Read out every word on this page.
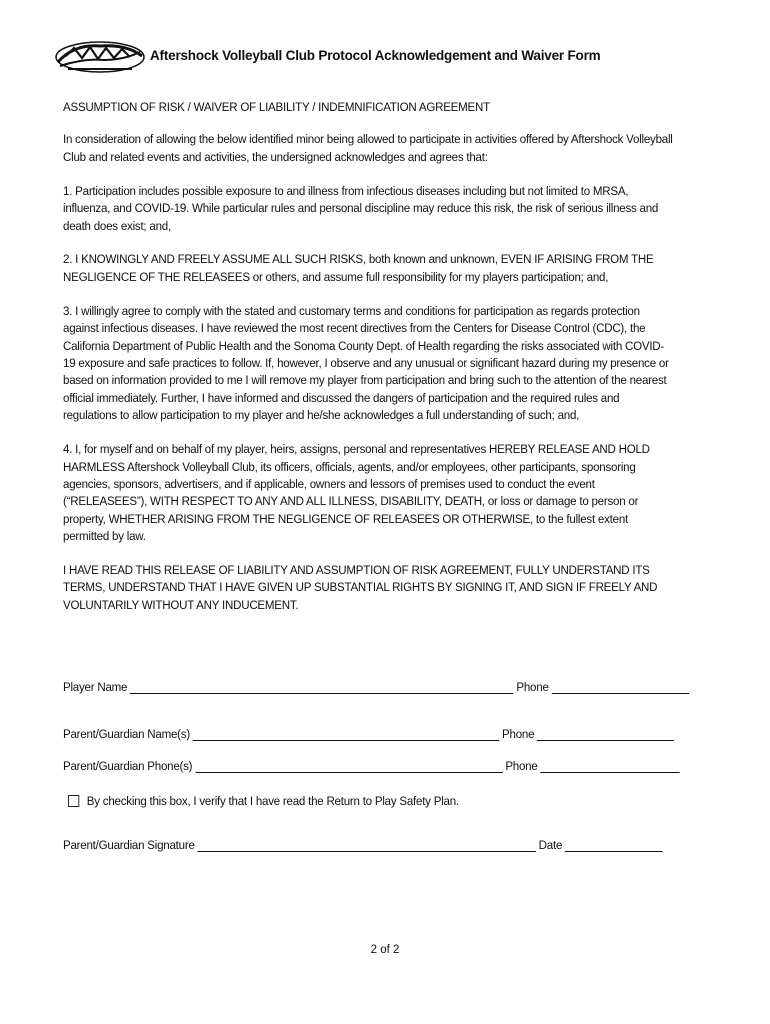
Aftershock Volleyball Club Protocol Acknowledgement and Waiver Form

ASSUMPTION OF RISK / WAIVER OF LIABILITY / INDEMNIFICATION AGREEMENT

In consideration of allowing the below identified minor being allowed to participate in activities offered by Aftershock Volleyball Club and related events and activities, the undersigned acknowledges and agrees that:

1. Participation includes possible exposure to and illness from infectious diseases including but not limited to MRSA, influenza, and COVID-19. While particular rules and personal discipline may reduce this risk, the risk of serious illness and death does exist; and,

2. I KNOWINGLY AND FREELY ASSUME ALL SUCH RISKS, both known and unknown, EVEN IF ARISING FROM THE NEGLIGENCE OF THE RELEASEES or others, and assume full responsibility for my players participation; and,

3. I willingly agree to comply with the stated and customary terms and conditions for participation as regards protection against infectious diseases. I have reviewed the most recent directives from the Centers for Disease Control (CDC), the California Department of Public Health and the Sonoma County Dept. of Health regarding the risks associated with COVID-19 exposure and safe practices to follow. If, however, I observe and any unusual or significant hazard during my presence or based on information provided to me I will remove my player from participation and bring such to the attention of the nearest official immediately. Further, I have informed and discussed the dangers of participation and the required rules and regulations to allow participation to my player and he/she acknowledges a full understanding of such; and,

4. I, for myself and on behalf of my player, heirs, assigns, personal and representatives HEREBY RELEASE AND HOLD HARMLESS Aftershock Volleyball Club, its officers, officials, agents, and/or employees, other participants, sponsoring agencies, sponsors, advertisers, and if applicable, owners and lessors of premises used to conduct the event (“RELEASEES”), WITH RESPECT TO ANY AND ALL ILLNESS, DISABILITY, DEATH, or loss or damage to person or property, WHETHER ARISING FROM THE NEGLIGENCE OF RELEASEES OR OTHERWISE, to the fullest extent permitted by law.

I HAVE READ THIS RELEASE OF LIABILITY AND ASSUMPTION OF RISK AGREEMENT, FULLY UNDERSTAND ITS TERMS, UNDERSTAND THAT I HAVE GIVEN UP SUBSTANTIAL RIGHTS BY SIGNING IT, AND SIGN IF FREELY AND VOLUNTARILY WITHOUT ANY INDUCEMENT.

Player Name	Phone
Parent/Guardian Name(s)	Phone
Parent/Guardian Phone(s)	Phone
By checking this box, I verify that I have read the Return to Play Safety Plan.
Parent/Guardian Signature	Date
2 of 2
